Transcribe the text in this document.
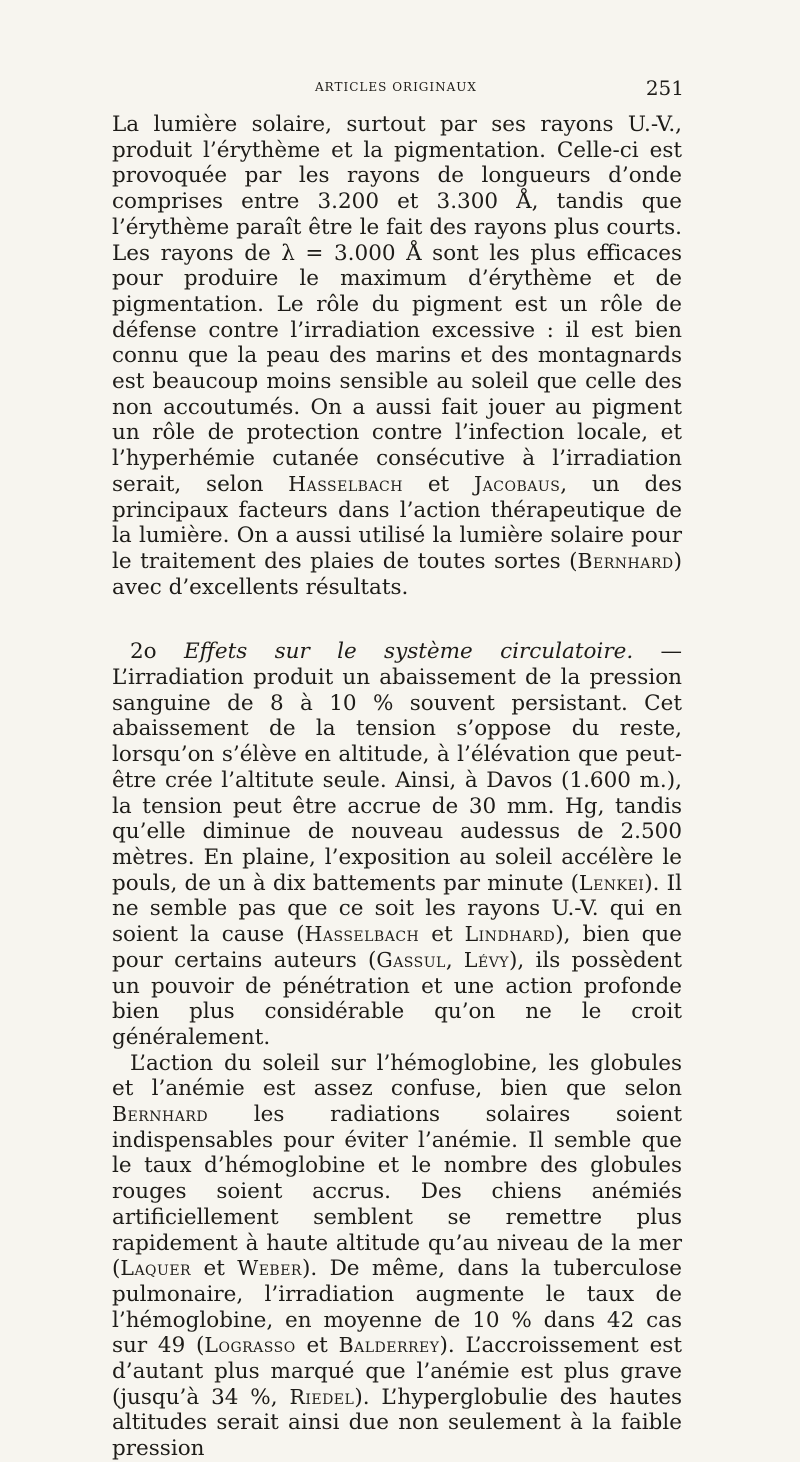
ARTICLES ORIGINAUX	251

La lumière solaire, surtout par ses rayons U.-V., produit l’érythème et la pigmentation. Celle-ci est provoquée par les rayons de longueurs d’onde comprises entre 3.200 et 3.300 Å, tandis que l’érythème paraît être le fait des rayons plus courts. Les rayons de λ = 3.000 Å sont les plus efficaces pour produire le maximum d’érythème et de pigmentation. Le rôle du pigment est un rôle de défense contre l’irradiation excessive : il est bien connu que la peau des marins et des montagnards est beaucoup moins sensible au soleil que celle des non accoutumés. On a aussi fait jouer au pigment un rôle de protection contre l’infection locale, et l’hyperhémie cutanée consécutive à l’irradiation serait, selon Hasselbach et Jacobaus, un des principaux facteurs dans l’action thérapeutique de la lumière. On a aussi utilisé la lumière solaire pour le traitement des plaies de toutes sortes (Bernhard) avec d’excellents résultats.

2o Effets sur le système circulatoire. — L’irradiation produit un abaissement de la pression sanguine de 8 à 10 % souvent persistant. Cet abaissement de la tension s’oppose du reste, lorsqu’on s’élève en altitude, à l’élévation que peut-être crée l’altitute seule. Ainsi, à Davos (1.600 m.), la tension peut être accrue de 30 mm. Hg, tandis qu’elle diminue de nouveau audessus de 2.500 mètres. En plaine, l’exposition au soleil accélère le pouls, de un à dix battements par minute (Lenkei). Il ne semble pas que ce soit les rayons U.-V. qui en soient la cause (Hasselbach et Lindhard), bien que pour certains auteurs (Gassul, Lévy), ils possèdent un pouvoir de pénétration et une action profonde bien plus considérable qu’on ne le croit généralement.

L’action du soleil sur l’hémoglobine, les globules et l’anémie est assez confuse, bien que selon Bernhard les radiations solaires soient indispensables pour éviter l’anémie. Il semble que le taux d’hémoglobine et le nombre des globules rouges soient accrus. Des chiens anémiés artificiellement semblent se remettre plus rapidement à haute altitude qu’au niveau de la mer (Laquer et Weber). De même, dans la tuberculose pulmonaire, l’irradiation augmente le taux de l’hémoglobine, en moyenne de 10 % dans 42 cas sur 49 (Lograsso et Balderrey). L’accroissement est d’autant plus marqué que l’anémie est plus grave (jusqu’à 34 %, Riedel). L’hyperglobulie des hautes altitudes serait ainsi due non seulement à la faible pression
